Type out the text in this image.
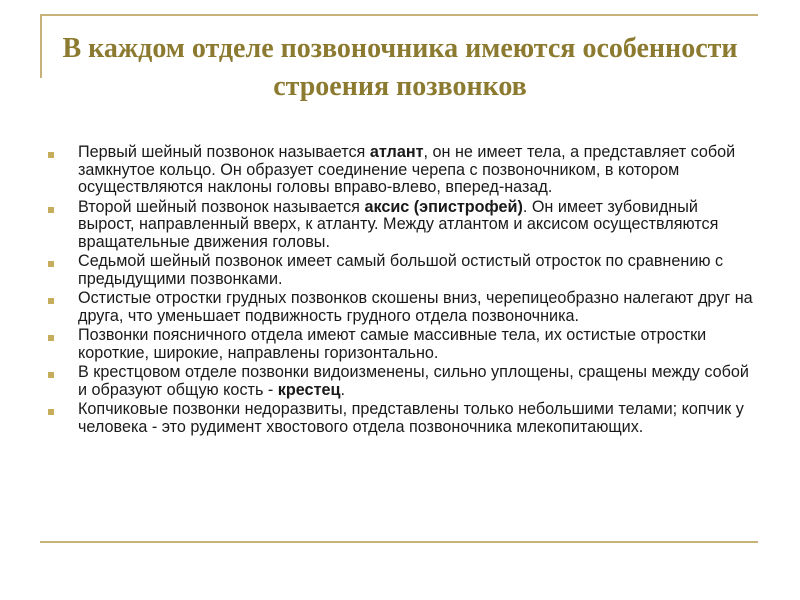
В каждом отделе позвоночника имеются особенности
строения позвонков
Первый шейный позвонок называется атлант, он не имеет тела, а представляет собой замкнутое кольцо. Он образует соединение черепа с позвоночником, в котором осуществляются наклоны головы вправо-влево, вперед-назад.
Второй шейный позвонок называется аксис (эпистрофей). Он имеет зубовидный вырост, направленный вверх, к атланту. Между атлантом и аксисом осуществляются вращательные движения головы.
Седьмой шейный позвонок имеет самый большой остистый отросток по сравнению с предыдущими позвонками.
Остистые отростки грудных позвонков скошены вниз, черепицеобразно налегают друг на друга, что уменьшает подвижность грудного отдела позвоночника.
Позвонки поясничного отдела имеют самые массивные тела, их остистые отростки короткие, широкие, направлены горизонтально.
В крестцовом отделе позвонки видоизменены, сильно уплощены, сращены между собой и образуют общую кость - крестец.
Копчиковые позвонки недоразвиты, представлены только небольшими телами; копчик у человека - это рудимент хвостового отдела позвоночника млекопитающих.
